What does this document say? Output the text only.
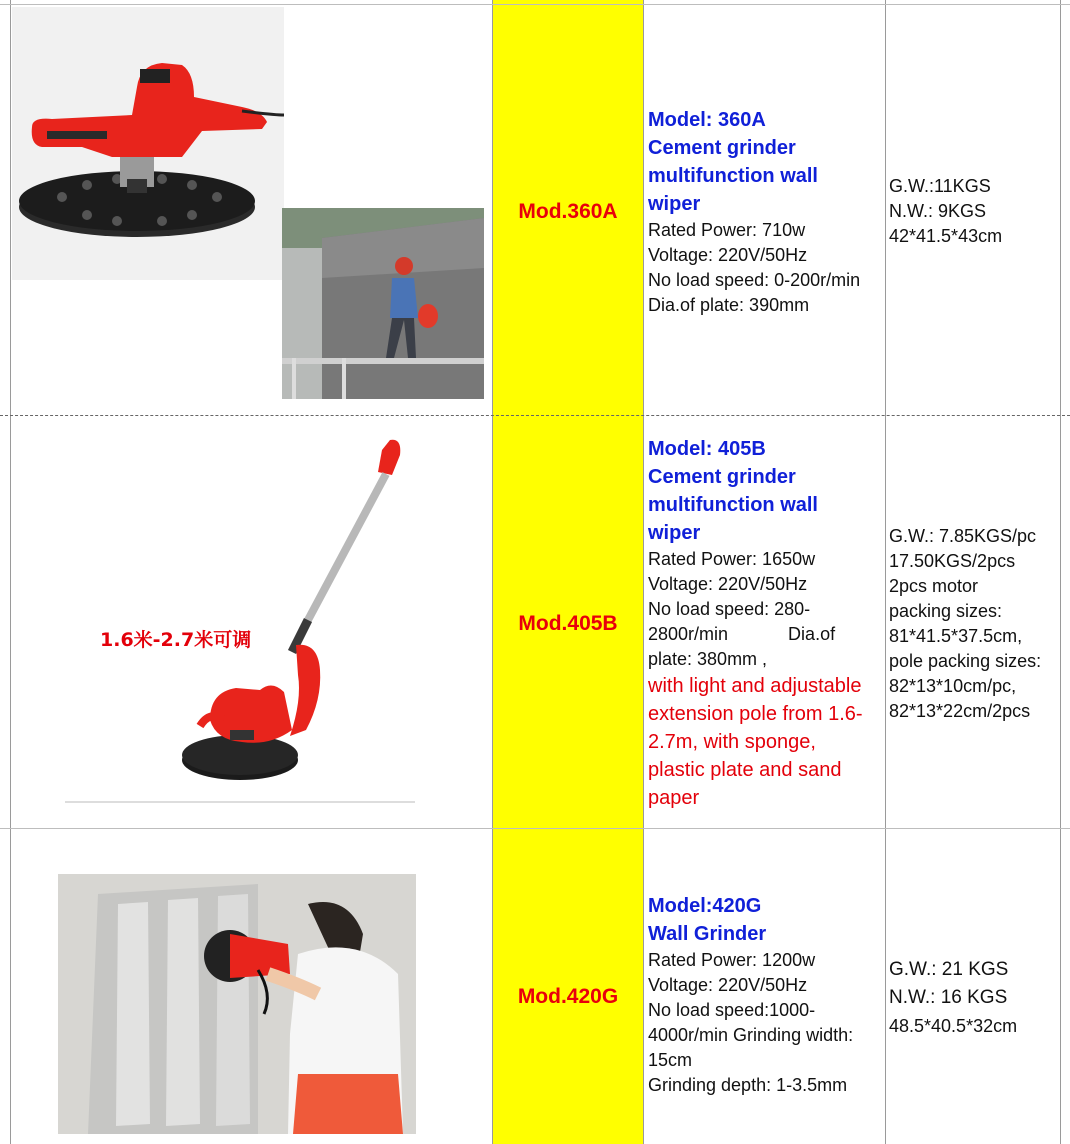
Mod.360A
Model: 360A
Cement grinder
multifunction wall
wiper
Rated Power: 710w
Voltage: 220V/50Hz
No load speed: 0-200r/min
Dia.of plate: 390mm
G.W.:11KGS
N.W.: 9KGS
42*41.5*43cm
1.6米-2.7米可调
Mod.405B
Model: 405B
Cement grinder
multifunction wall
wiper
Rated Power: 1650w
Voltage: 220V/50Hz
No load speed: 280-
2800r/min            Dia.of
plate: 380mm ,
with light and adjustable
extension pole from 1.6-
2.7m, with sponge,
plastic plate and sand
paper
G.W.: 7.85KGS/pc
17.50KGS/2pcs
2pcs motor
packing sizes:
81*41.5*37.5cm,
pole packing sizes:
82*13*10cm/pc,
82*13*22cm/2pcs
Mod.420G
Model:420G
Wall Grinder
Rated Power: 1200w
Voltage: 220V/50Hz
No load speed:1000-
4000r/min Grinding width:
15cm
Grinding depth: 1-3.5mm
G.W.: 21 KGS
N.W.: 16 KGS
48.5*40.5*32cm
